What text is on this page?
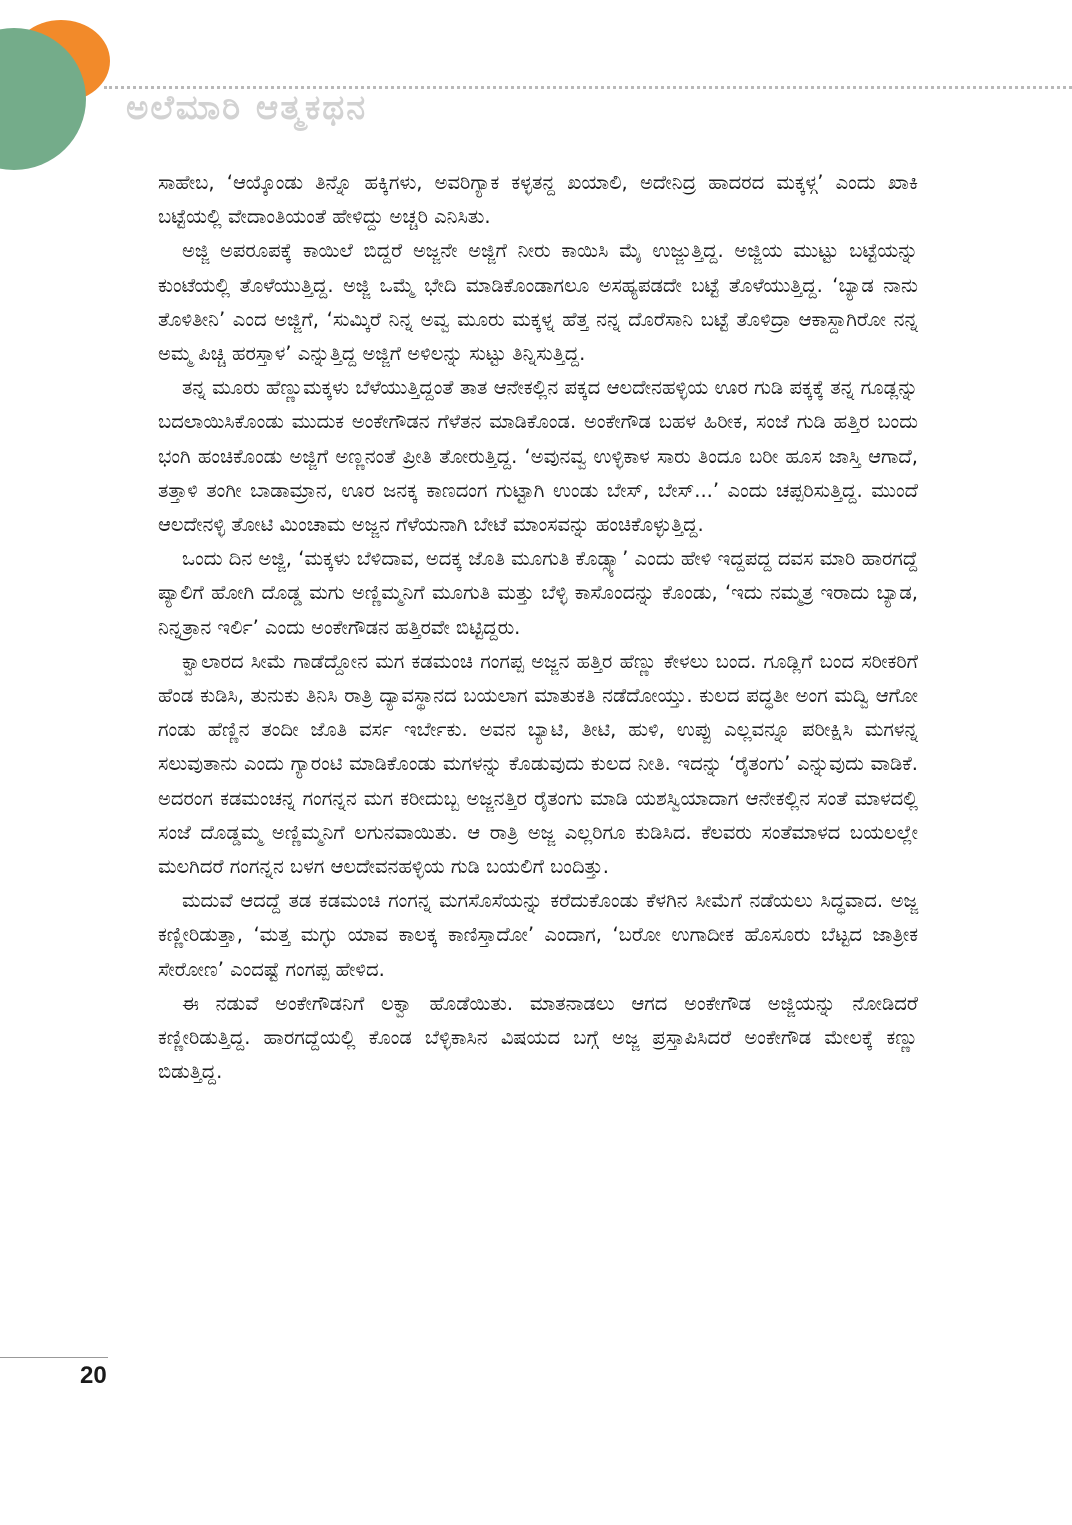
ಅಲೆಮಾರಿ ಆತ್ಮಕಥನ

ಸಾಹೇಬ, ‘ಆಯ್ಕೊಂಡು ತಿನ್ನೊ ಹಕ್ಕಿಗಳು, ಅವರಿಗ್ಯಾಕ ಕಳ್ಳತನ್ದ ಖಯಾಲಿ, ಅದೇನಿದ್ರ ಹಾದರದ ಮಕ್ಕಳ್ಗ’ ಎಂದು ಖಾಕಿ ಬಟ್ಟೆಯಲ್ಲಿ ವೇದಾಂತಿಯಂತೆ ಹೇಳಿದ್ದು ಅಚ್ಚರಿ ಎನಿಸಿತು.

ಅಜ್ಜಿ ಅಪರೂಪಕ್ಕೆ ಕಾಯಿಲೆ ಬಿದ್ದರೆ ಅಜ್ಜನೇ ಅಜ್ಜಿಗೆ ನೀರು ಕಾಯಿಸಿ ಮೈ ಉಜ್ಜುತ್ತಿದ್ದ. ಅಜ್ಜಿಯ ಮುಟ್ಟು ಬಟ್ಟೆಯನ್ನು ಕುಂಟೆಯಲ್ಲಿ ತೊಳೆಯುತ್ತಿದ್ದ. ಅಜ್ಜಿ ಒಮ್ಮೆ ಭೇದಿ ಮಾಡಿಕೊಂಡಾಗಲೂ ಅಸಹ್ಯಪಡದೇ ಬಟ್ಟೆ ತೊಳೆಯುತ್ತಿದ್ದ. ‘ಬ್ಯಾಡ ನಾನು ತೊಳಿತೀನಿ’ ಎಂದ ಅಜ್ಜಿಗೆ, ‘ಸುಮ್ಕಿರೆ ನಿನ್ನ ಅವ್ವ ಮೂರು ಮಕ್ಕಳ್ನ ಹೆತ್ತ ನನ್ನ ದೊರೆಸಾನಿ ಬಟ್ಟೆ ತೊಳಿದ್ರಾ ಆಕಾಸ್ದಾಗಿರೋ ನನ್ನ ಅಮ್ಮ ಪಿಚ್ಚಿ ಹರಸ್ತಾಳ’ ಎನ್ನುತ್ತಿದ್ದ ಅಜ್ಜಿಗೆ ಅಳಿಲನ್ನು ಸುಟ್ಟು ತಿನ್ನಿಸುತ್ತಿದ್ದ.

ತನ್ನ ಮೂರು ಹೆಣ್ಣುಮಕ್ಕಳು ಬೆಳೆಯುತ್ತಿದ್ದಂತೆ ತಾತ ಆನೇಕಲ್ಲಿನ ಪಕ್ಕದ ಆಲದೇನಹಳ್ಳಿಯ ಊರ ಗುಡಿ ಪಕ್ಕಕ್ಕೆ ತನ್ನ ಗೂಡ್ಲನ್ನು ಬದಲಾಯಿಸಿಕೊಂಡು ಮುದುಕ ಅಂಕೇಗೌಡನ ಗೆಳೆತನ ಮಾಡಿಕೊಂಡ. ಅಂಕೇಗೌಡ ಬಹಳ ಹಿರೀಕ, ಸಂಜೆ ಗುಡಿ ಹತ್ತಿರ ಬಂದು ಭಂಗಿ ಹಂಚಿಕೊಂಡು ಅಜ್ಜಿಗೆ ಅಣ್ಣನಂತೆ ಪ್ರೀತಿ ತೋರುತ್ತಿದ್ದ. ‘ಅವುನವ್ವ ಉಳ್ಳಿಕಾಳ ಸಾರು ತಿಂದೂ ಬರೀ ಹೂಸ ಜಾಸ್ತಿ ಆಗಾದೆ, ತತ್ತಾಳಿ ತಂಗೀ ಬಾಡಾಮ್ರಾನ, ಊರ ಜನಕ್ಕ ಕಾಣದಂಗ ಗುಟ್ಟಾಗಿ ಉಂಡು ಬೇಸ್, ಬೇಸ್...’ ಎಂದು ಚಪ್ಪರಿಸುತ್ತಿದ್ದ. ಮುಂದೆ ಆಲದೇನಳ್ಳಿ ತೋಟಿ ಮಿಂಚಾಮ ಅಜ್ಜನ ಗೆಳೆಯನಾಗಿ ಬೇಟೆ ಮಾಂಸವನ್ನು ಹಂಚಿಕೊಳ್ಳುತ್ತಿದ್ದ.

ಒಂದು ದಿನ ಅಜ್ಜಿ, ‘ಮಕ್ಕಳು ಬೆಳಿದಾವ, ಅದಕ್ಕ ಜೊತಿ ಮೂಗುತಿ ಕೊಡ್ಸ್ಯಾ’ ಎಂದು ಹೇಳಿ ಇದ್ದಪದ್ದ ದವಸ ಮಾರಿ ಹಾರಗದ್ದೆ ಪ್ಯಾಲಿಗೆ ಹೋಗಿ ದೊಡ್ಡ ಮಗು ಅಣ್ಣಿಮ್ಮನಿಗೆ ಮೂಗುತಿ ಮತ್ತು ಬೆಳ್ಳಿ ಕಾಸೊಂದನ್ನು ಕೊಂಡು, ‘ಇದು ನಮ್ಮತ್ರ ಇರಾದು ಬ್ಯಾಡ, ನಿನ್ನತ್ರಾನ ಇರ್ಲಿ’ ಎಂದು ಅಂಕೇಗೌಡನ ಹತ್ತಿರವೇ ಬಿಟ್ಟಿದ್ದರು.

ಕ್ವಾಲಾರದ ಸೀಮೆ ಗಾಡೆದ್ದೋನ ಮಗ ಕಡಮಂಚಿ ಗಂಗಪ್ಪ ಅಜ್ಜನ ಹತ್ತಿರ ಹೆಣ್ಣು ಕೇಳಲು ಬಂದ. ಗೂಡ್ಲಿಗೆ ಬಂದ ಸರೀಕರಿಗೆ ಹೆಂಡ ಕುಡಿಸಿ, ತುನುಕು ತಿನಿಸಿ ರಾತ್ರಿ ದ್ಯಾವಸ್ಥಾನದ ಬಯಲಾಗ ಮಾತುಕತಿ ನಡೆದೋಯ್ತು. ಕುಲದ ಪದ್ಧತೀ ಅಂಗ ಮದ್ವಿ ಆಗೋ ಗಂಡು ಹೆಣ್ಣಿನ ತಂದೀ ಜೊತಿ ವರ್ಸ ಇರ್ಬೇಕು. ಅವನ ಬ್ಯಾಟಿ, ತೀಟಿ, ಹುಳಿ, ಉಪ್ಪು ಎಲ್ಲವನ್ನೂ ಪರೀಕ್ಷಿಸಿ ಮಗಳನ್ನ ಸಲುವುತಾನು ಎಂದು ಗ್ಯಾರಂಟಿ ಮಾಡಿಕೊಂಡು ಮಗಳನ್ನು ಕೊಡುವುದು ಕುಲದ ನೀತಿ. ಇದನ್ನು ‘ರೈತಂಗು’ ಎನ್ನುವುದು ವಾಡಿಕೆ. ಅದರಂಗ ಕಡಮಂಚನ್ನ ಗಂಗನ್ನನ ಮಗ ಕರೀದುಬ್ಬ ಅಜ್ಜನತ್ತಿರ ರೈತಂಗು ಮಾಡಿ ಯಶಸ್ವಿಯಾದಾಗ ಆನೇಕಲ್ಲಿನ ಸಂತೆ ಮಾಳದಲ್ಲಿ ಸಂಜೆ ದೊಡ್ಡಮ್ಮ ಅಣ್ಣಿಮ್ಮನಿಗೆ ಲಗುನವಾಯಿತು. ಆ ರಾತ್ರಿ ಅಜ್ಜ ಎಲ್ಲರಿಗೂ ಕುಡಿಸಿದ. ಕೆಲವರು ಸಂತೆಮಾಳದ ಬಯಲಲ್ಲೇ ಮಲಗಿದರೆ ಗಂಗನ್ನನ ಬಳಗ ಆಲದೇವನಹಳ್ಳಿಯ ಗುಡಿ ಬಯಲಿಗೆ ಬಂದಿತ್ತು.

ಮದುವೆ ಆದದ್ದೆ ತಡ ಕಡಮಂಚಿ ಗಂಗನ್ನ ಮಗಸೊಸೆಯನ್ನು ಕರೆದುಕೊಂಡು ಕೆಳಗಿನ ಸೀಮೆಗೆ ನಡೆಯಲು ಸಿದ್ಧವಾದ. ಅಜ್ಜ ಕಣ್ಣೀರಿಡುತ್ತಾ, ‘ಮತ್ತ ಮಗ್ಳು ಯಾವ ಕಾಲಕ್ಕ ಕಾಣಿಸ್ತಾದೋ’ ಎಂದಾಗ, ‘ಬರೋ ಉಗಾದೀಕ ಹೊಸೂರು ಬೆಟ್ಟದ ಜಾತ್ರೀಕ ಸೇರೋಣ’ ಎಂದಷ್ಟೆ ಗಂಗಪ್ಪ ಹೇಳಿದ.

ಈ ನಡುವೆ ಅಂಕೇಗೌಡನಿಗೆ ಲಕ್ವಾ ಹೊಡೆಯಿತು. ಮಾತನಾಡಲು ಆಗದ ಅಂಕೇಗೌಡ ಅಜ್ಜಿಯನ್ನು ನೋಡಿದರೆ ಕಣ್ಣೀರಿಡುತ್ತಿದ್ದ. ಹಾರಗದ್ದೆಯಲ್ಲಿ ಕೊಂಡ ಬೆಳ್ಳಿಕಾಸಿನ ವಿಷಯದ ಬಗ್ಗೆ ಅಜ್ಜ ಪ್ರಸ್ತಾಪಿಸಿದರೆ ಅಂಕೇಗೌಡ ಮೇಲಕ್ಕೆ ಕಣ್ಣು ಬಿಡುತ್ತಿದ್ದ.

20
